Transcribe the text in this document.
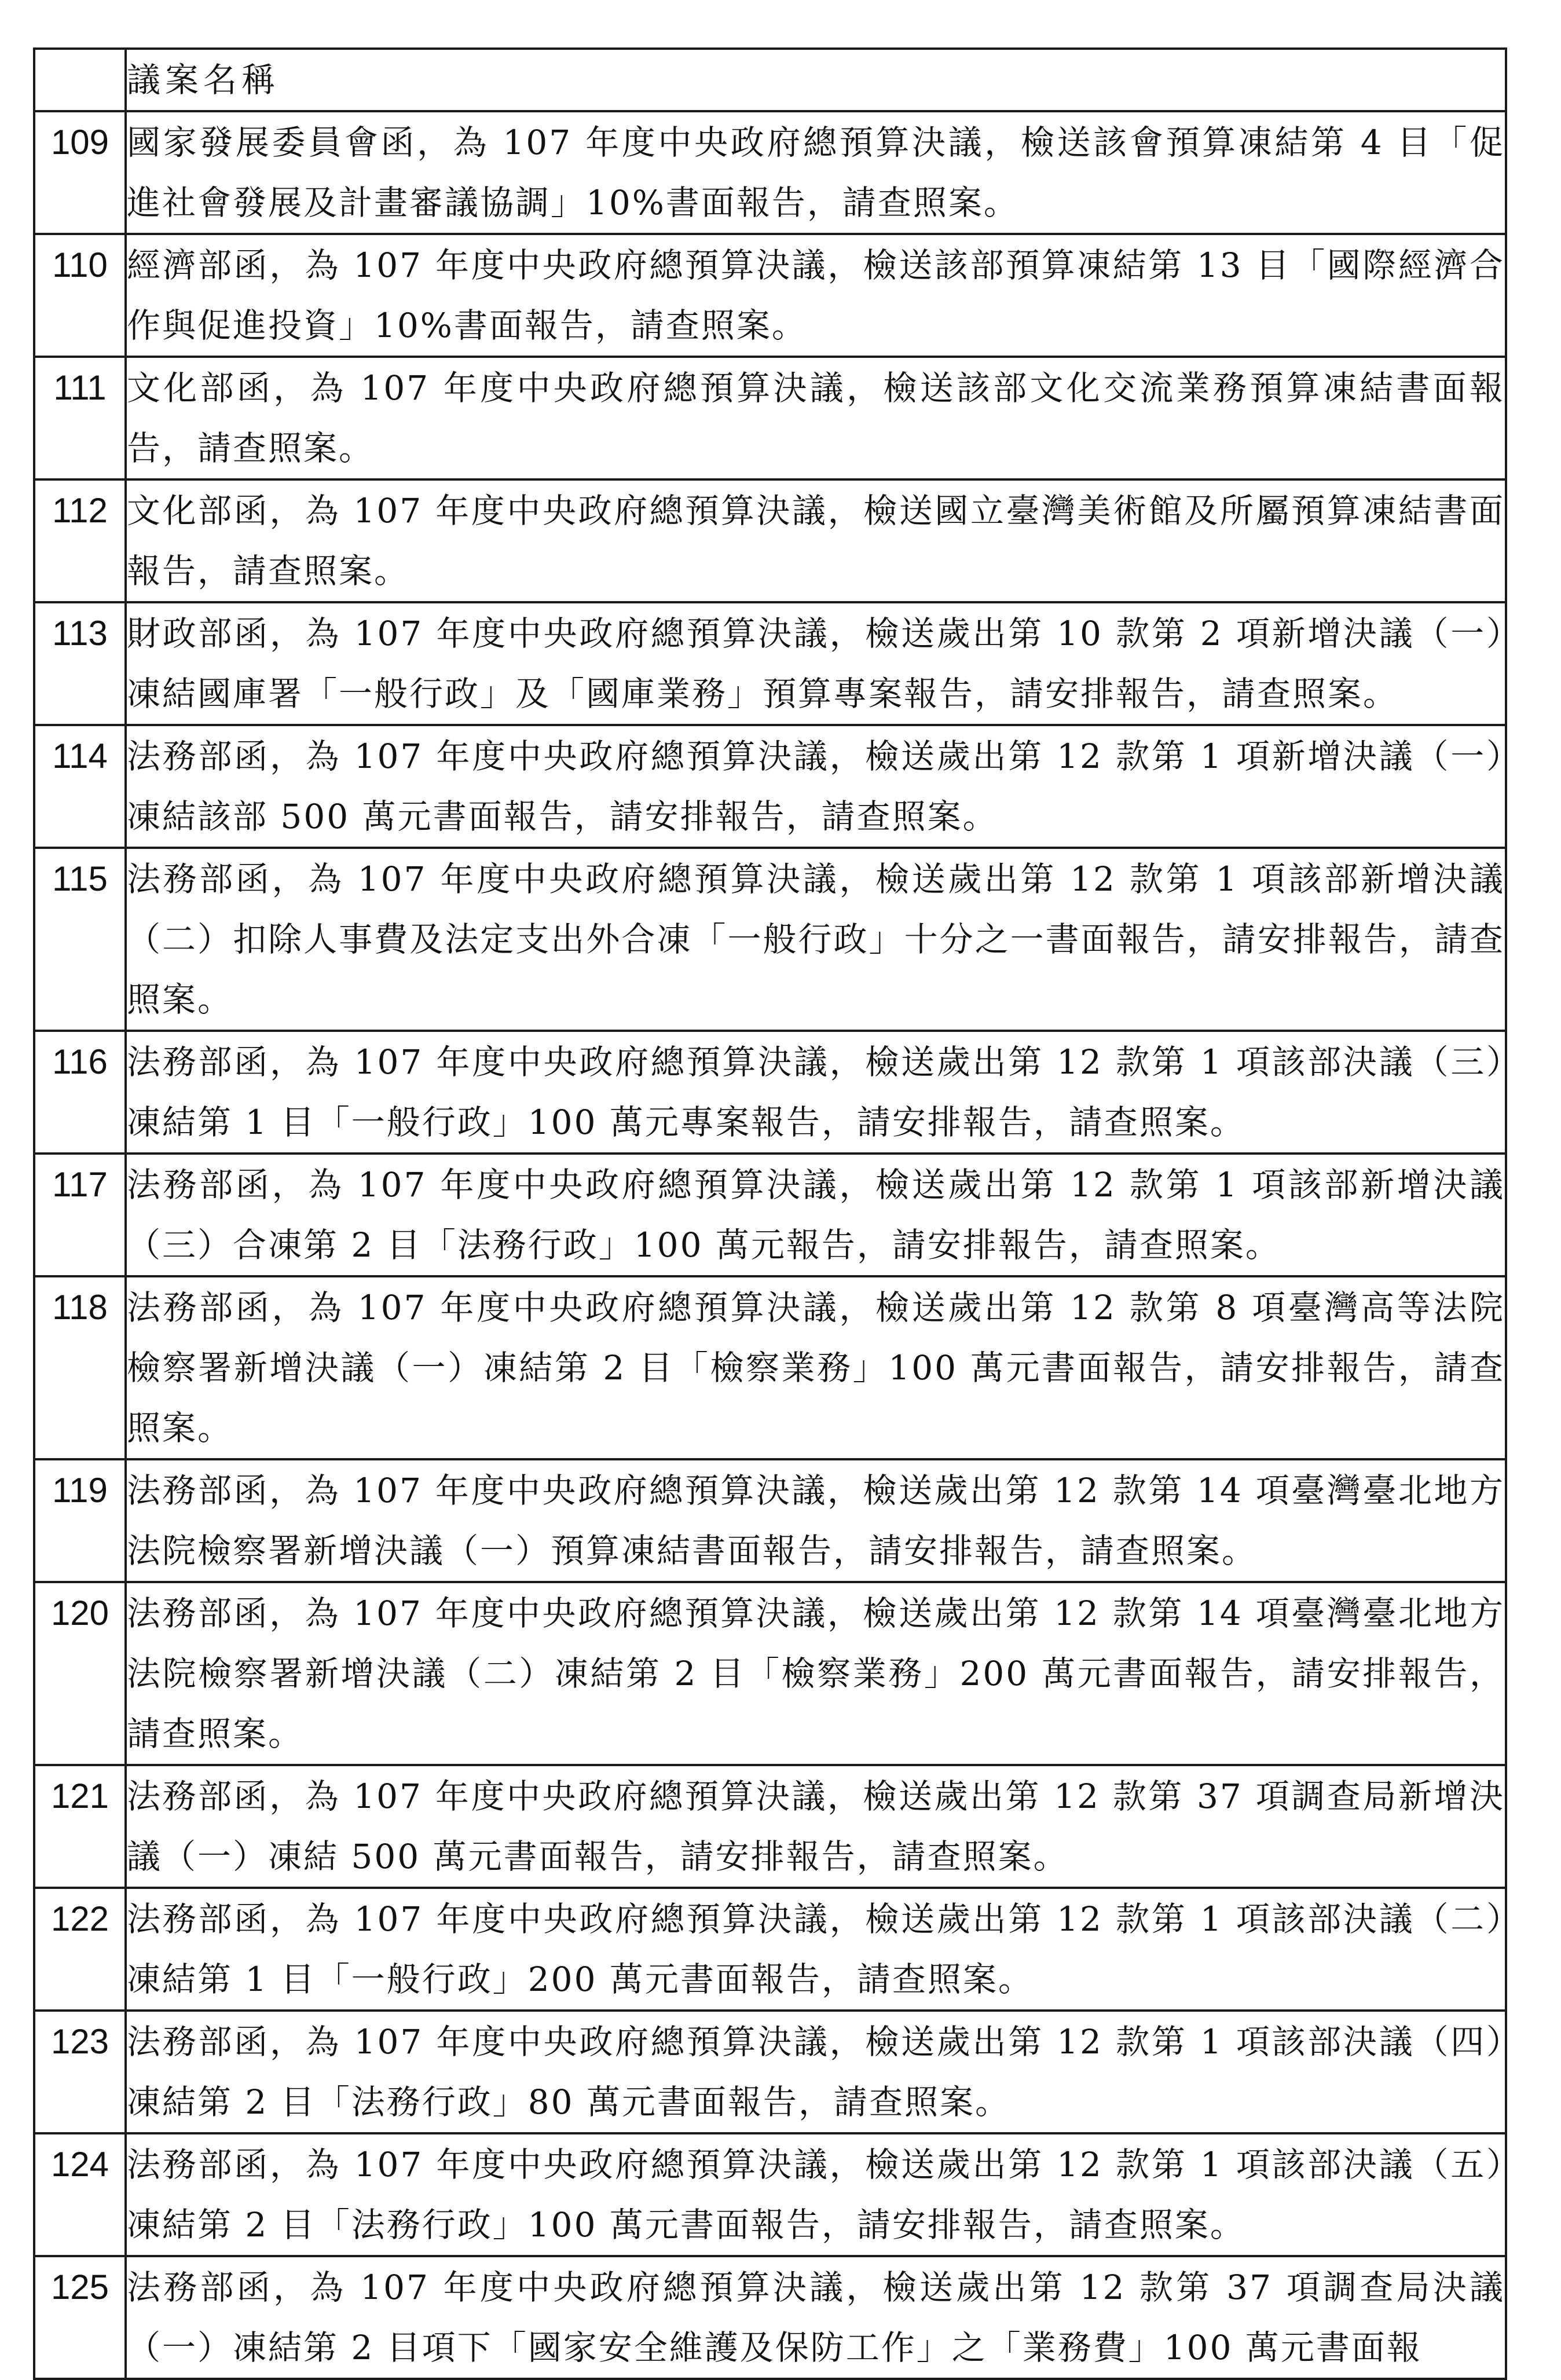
	議案名稱
109	國家發展委員會函，為 107 年度中央政府總預算決議，檢送該會預算凍結第 4 目「促進社會發展及計畫審議協調」10%書面報告，請查照案。
110	經濟部函，為 107 年度中央政府總預算決議，檢送該部預算凍結第 13 目「國際經濟合作與促進投資」10%書面報告，請查照案。
111	文化部函，為 107 年度中央政府總預算決議，檢送該部文化交流業務預算凍結書面報告，請查照案。
112	文化部函，為 107 年度中央政府總預算決議，檢送國立臺灣美術館及所屬預算凍結書面報告，請查照案。
113	財政部函，為 107 年度中央政府總預算決議，檢送歲出第 10 款第 2 項新增決議（一）凍結國庫署「一般行政」及「國庫業務」預算專案報告，請安排報告，請查照案。
114	法務部函，為 107 年度中央政府總預算決議，檢送歲出第 12 款第 1 項新增決議（一）凍結該部 500 萬元書面報告，請安排報告，請查照案。
115	法務部函，為 107 年度中央政府總預算決議，檢送歲出第 12 款第 1 項該部新增決議（二）扣除人事費及法定支出外合凍「一般行政」十分之一書面報告，請安排報告，請查照案。
116	法務部函，為 107 年度中央政府總預算決議，檢送歲出第 12 款第 1 項該部決議（三）凍結第 1 目「一般行政」100 萬元專案報告，請安排報告，請查照案。
117	法務部函，為 107 年度中央政府總預算決議，檢送歲出第 12 款第 1 項該部新增決議（三）合凍第 2 目「法務行政」100 萬元報告，請安排報告，請查照案。
118	法務部函，為 107 年度中央政府總預算決議，檢送歲出第 12 款第 8 項臺灣高等法院檢察署新增決議（一）凍結第 2 目「檢察業務」100 萬元書面報告，請安排報告，請查照案。
119	法務部函，為 107 年度中央政府總預算決議，檢送歲出第 12 款第 14 項臺灣臺北地方法院檢察署新增決議（一）預算凍結書面報告，請安排報告，請查照案。
120	法務部函，為 107 年度中央政府總預算決議，檢送歲出第 12 款第 14 項臺灣臺北地方法院檢察署新增決議（二）凍結第 2 目「檢察業務」200 萬元書面報告，請安排報告，請查照案。
121	法務部函，為 107 年度中央政府總預算決議，檢送歲出第 12 款第 37 項調查局新增決議（一）凍結 500 萬元書面報告，請安排報告，請查照案。
122	法務部函，為 107 年度中央政府總預算決議，檢送歲出第 12 款第 1 項該部決議（二）凍結第 1 目「一般行政」200 萬元書面報告，請查照案。
123	法務部函，為 107 年度中央政府總預算決議，檢送歲出第 12 款第 1 項該部決議（四）凍結第 2 目「法務行政」80 萬元書面報告，請查照案。
124	法務部函，為 107 年度中央政府總預算決議，檢送歲出第 12 款第 1 項該部決議（五）凍結第 2 目「法務行政」100 萬元書面報告，請安排報告，請查照案。
125	法務部函，為 107 年度中央政府總預算決議，檢送歲出第 12 款第 37 項調查局決議（一）凍結第 2 目項下「國家安全維護及保防工作」之「業務費」100 萬元書面報
